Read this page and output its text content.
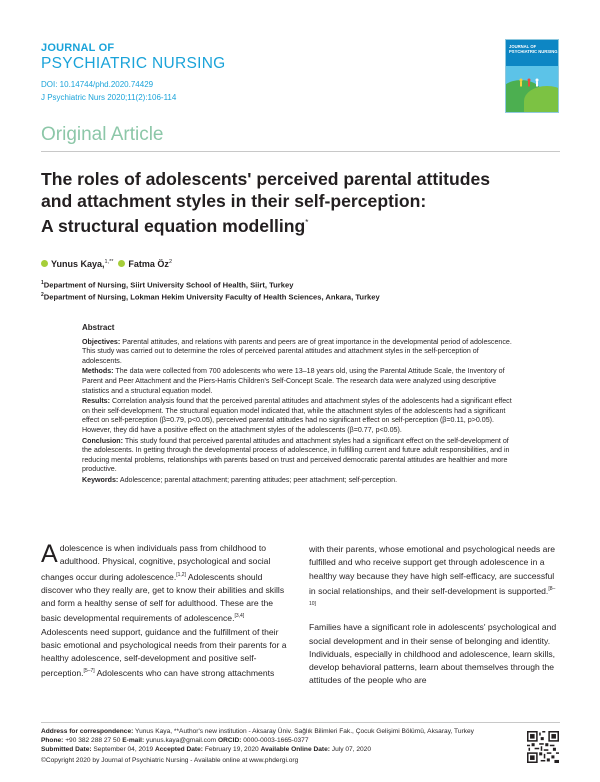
JOURNAL OF
PSYCHIATRIC NURSING
DOI: 10.14744/phd.2020.74429
J Psychiatric Nurs 2020;11(2):106-114
JOURNAL OF PSYCHIATRIC NURSING
Original Article
The roles of adolescents' perceived parental attitudes
and attachment styles in their self-perception:
A structural equation modelling*
Yunus Kaya,$^{1,**}$ Fatma $Öz^2$
$^1$Department of Nursing, Siirt University School of Health, Siirt, Turkey
$^2$Department of Nursing, Lokman Hekim University Faculty of Health Sciences, Ankara, Turkey
Abstract

Objectives: Parental attitudes, and relations with parents and peers are of great importance in the developmental period of adolescence. This study was carried out to determine the roles of perceived parental attitudes and attachment styles in the self-perception of adolescents.

Methods: The data were collected from 700 adolescents who were 13–18 years old, using the Parental Attitude Scale, the Inventory of Parent and Peer Attachment and the Piers-Harris Children's Self-Concept Scale. The research data were analyzed using descriptive statistics and a structural equation model.

Results: Correlation analysis found that the perceived parental attitudes and attachment styles of the adolescents had a significant effect on their self-development. The structural equation model indicated that, while the attachment styles of the adolescents had a significant effect on self-perception (β=0.79, p<0.05), perceived parental attitudes had no significant effect on self-perception (β=0.11, p>0.05). However, they did have a positive effect on the attachment styles of the adolescents (β=0.77, p<0.05).

Conclusion: This study found that perceived parental attitudes and attachment styles had a significant effect on the self-development of the adolescents. In getting through the developmental process of adolescence, in fulfilling current and future adult responsibilities, and in reducing mental problems, relationships with parents based on trust and perceived democratic parental attitudes are healthier and more productive.

Keywords: Adolescence; parental attachment; parenting attitudes; peer attachment; self-perception.

Adolescence is when individuals pass from childhood to adulthood. Physical, cognitive, psychological and social changes occur during adolescence.[1,2] Adolescents should discover who they really are, get to know their abilities and skills and form a healthy sense of self for adulthood. These are the basic developmental requirements of adolescence.[3,4] Adolescents need support, guidance and the fulfillment of their basic emotional and psychological needs from their parents for a healthy adolescence, self-development and positive self-perception.[5–7] Adolescents who can have strong attachments

with their parents, whose emotional and psychological needs are fulfilled and who receive support get through adolescence in a healthy way because they have high self-efficacy, are successful in social relationships, and their self-development is supported.[8–10]

Families have a significant role in adolescents' psychological and social development and in their sense of belonging and identity. Individuals, especially in childhood and adolescence, learn skills, develop behavioral patterns, learn about themselves through the attitudes of the people who are

Address for correspondence: Yunus Kaya, **Author's new institution - Aksaray Üniv. Sağlık Bilimleri Fak., Çocuk Gelişimi Bölümü, Aksaray, Turkey
Phone: +90 382 288 27 50 E-mail: yunus.kaya@gmail.com ORCID: 0000-0003-1665-0377
Submitted Date: September 04, 2019 Accepted Date: February 19, 2020 Available Online Date: July 07, 2020
©Copyright 2020 by Journal of Psychiatric Nursing - Available online at www.phdergi.org
